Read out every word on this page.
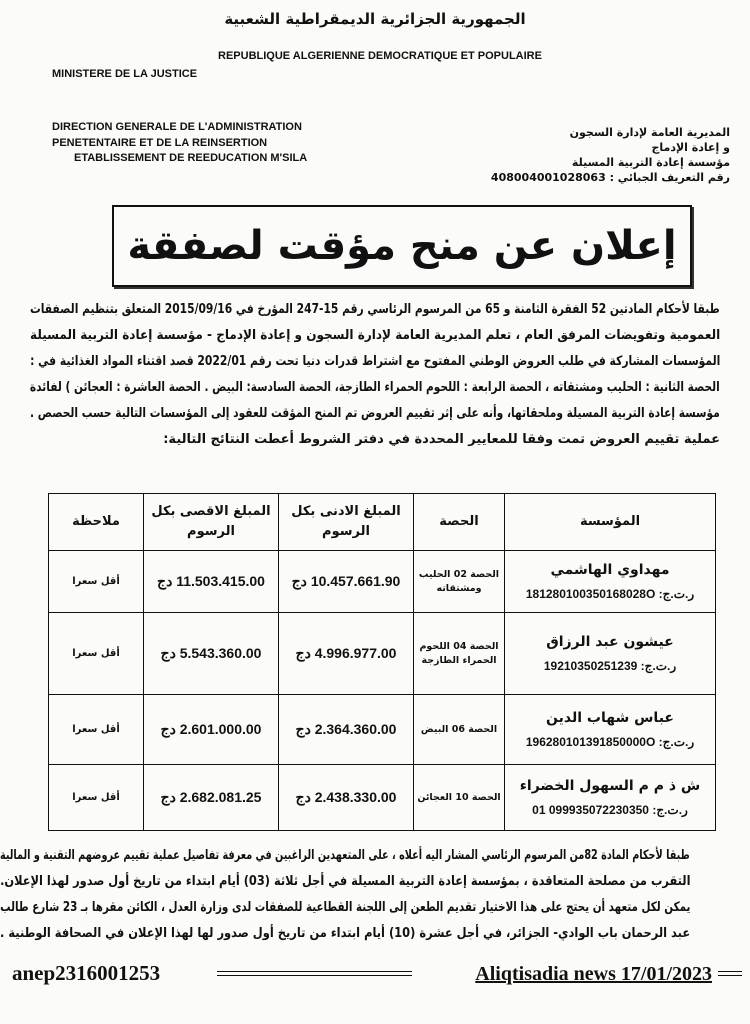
الجمهورية الجزائرية الديمقراطية الشعبية
REPUBLIQUE ALGERIENNE DEMOCRATIQUE ET POPULAIRE
MINISTERE DE LA JUSTICE
DIRECTION GENERALE DE L'ADMINISTRATION
PENETENTAIRE ET DE LA REINSERTION
ETABLISSEMENT DE REEDUCATION M'SILA
المديرية العامة لإدارة السجون
و إعادة الإدماج
مؤسسة إعادة التربية المسيلة
رقم التعريف الجبائي : 408004001028063
إعلان عن منح مؤقت لصفقة
طبقا لأحكام المادتين 52 الفقرة الثامنة و 65 من المرسوم الرئاسي رقم 15-247 المؤرخ في 2015/09/16 المتعلق بتنظيم الصفقات
العمومية وتفويضات المرفق العام ، تعلم المديرية العامة لإدارة السجون و إعادة الإدماج - مؤسسة إعادة التربية المسيلة
المؤسسات المشاركة في طلب العروض الوطني المفتوح مع اشتراط قدرات دنيا تحت رقم 2022/01 قصد اقتناء المواد الغذائية في :
الحصة الثانية : الحليب ومشتقاته ، الحصة الرابعة : اللحوم الحمراء الطازجة، الحصة السادسة: البيض . الحصة العاشرة : العجائن ) لفائدة
مؤسسة إعادة التربية المسيلة وملحقاتها، وأنه على إثر تقييم العروض تم المنح المؤقت للعقود إلى المؤسسات التالية حسب الحصص .
عملية تقييم العروض تمت وفقا للمعايير المحددة في دفتر الشروط أعطت النتائج التالية:
المؤسسة	الحصة	المبلغ الادنى بكل الرسوم	المبلغ الاقصى بكل الرسوم	ملاحظة

مهداوي الهاشمي
ر.ت.ج: 181280100350168028O	الحصة 02 الحليب ومشتقاته	10.457.661.90 دج	11.503.415.00 دج	أقل سعرا

عيشون عبد الرزاق
ر.ت.ج: 19210350251239	الحصة 04 اللحوم الحمراء الطازجة	4.996.977.00 دج	5.543.360.00 دج	أقل سعرا

عباس شهاب الدين
ر.ت.ج: 196280101391850000O	الحصة 06 البيض	2.364.360.00 دج	2.601.000.00 دج	أقل سعرا

ش ذ م م السهول الخضراء
ر.ت.ج: 099935072230350 01	الحصة 10 العجائن	2.438.330.00 دج	2.682.081.25 دج	أقل سعرا
طبقا لأحكام المادة 82من المرسوم الرئاسي المشار اليه أعلاه ، على المتعهدين الراغبين في معرفة تفاصيل عملية تقييم عروضهم التقنية و المالية
التقرب من مصلحة المتعاقدة ، بمؤسسة إعادة التربية المسيلة في أجل ثلاثة (03) أيام ابتداء من تاريخ أول صدور لهذا الإعلان.
يمكن لكل متعهد أن يحتج على هذا الاختيار تقديم الطعن إلى اللجنة القطاعية للصفقات لدى وزارة العدل ، الكائن مقرها بـ 23 شارع طالب
عبد الرحمان باب الوادي- الجزائر، في أجل عشرة (10) أيام ابتداء من تاريخ أول صدور لها لهذا الإعلان في الصحافة الوطنية .
anep2316001253	Aliqtisadia news 17/01/2023
